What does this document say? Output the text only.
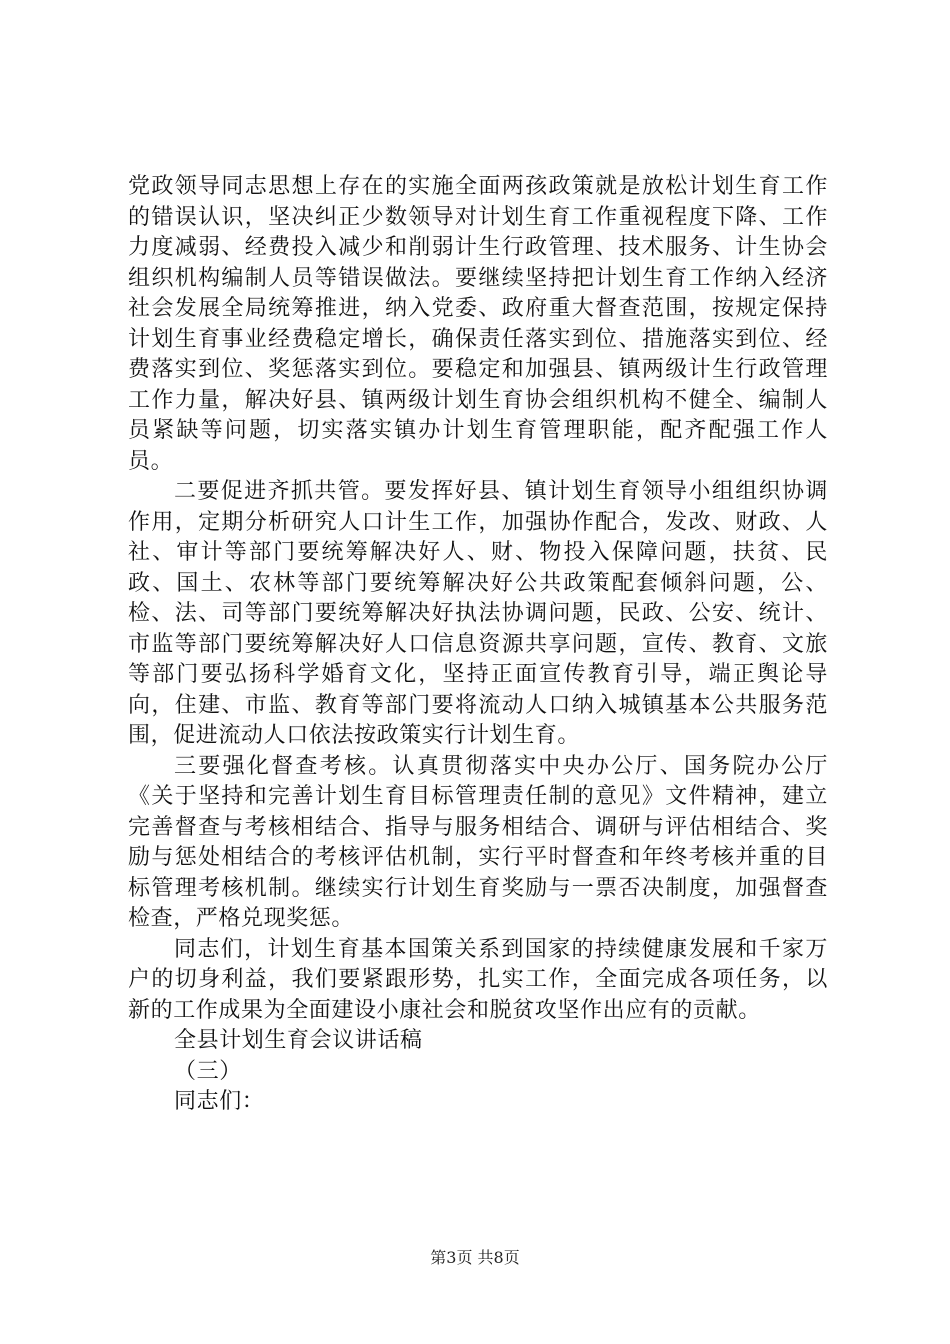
党政领导同志思想上存在的实施全面两孩政策就是放松计划生育工作的错误认识，坚决纠正少数领导对计划生育工作重视程度下降、工作力度减弱、经费投入减少和削弱计生行政管理、技术服务、计生协会组织机构编制人员等错误做法。要继续坚持把计划生育工作纳入经济社会发展全局统筹推进，纳入党委、政府重大督查范围，按规定保持计划生育事业经费稳定增长，确保责任落实到位、措施落实到位、经费落实到位、奖惩落实到位。要稳定和加强县、镇两级计生行政管理工作力量，解决好县、镇两级计划生育协会组织机构不健全、编制人员紧缺等问题，切实落实镇办计划生育管理职能，配齐配强工作人员。

二要促进齐抓共管。要发挥好县、镇计划生育领导小组组织协调作用，定期分析研究人口计生工作，加强协作配合，发改、财政、人社、审计等部门要统筹解决好人、财、物投入保障问题，扶贫、民政、国土、农林等部门要统筹解决好公共政策配套倾斜问题，公、检、法、司等部门要统筹解决好执法协调问题，民政、公安、统计、市监等部门要统筹解决好人口信息资源共享问题，宣传、教育、文旅等部门要弘扬科学婚育文化，坚持正面宣传教育引导，端正舆论导向，住建、市监、教育等部门要将流动人口纳入城镇基本公共服务范围，促进流动人口依法按政策实行计划生育。

三要强化督查考核。认真贯彻落实中央办公厅、国务院办公厅《关于坚持和完善计划生育目标管理责任制的意见》文件精神，建立完善督查与考核相结合、指导与服务相结合、调研与评估相结合、奖励与惩处相结合的考核评估机制，实行平时督查和年终考核并重的目标管理考核机制。继续实行计划生育奖励与一票否决制度，加强督查检查，严格兑现奖惩。

同志们，计划生育基本国策关系到国家的持续健康发展和千家万户的切身利益，我们要紧跟形势，扎实工作，全面完成各项任务，以新的工作成果为全面建设小康社会和脱贫攻坚作出应有的贡献。

全县计划生育会议讲话稿

（三）

同志们：

第3页 共8页
